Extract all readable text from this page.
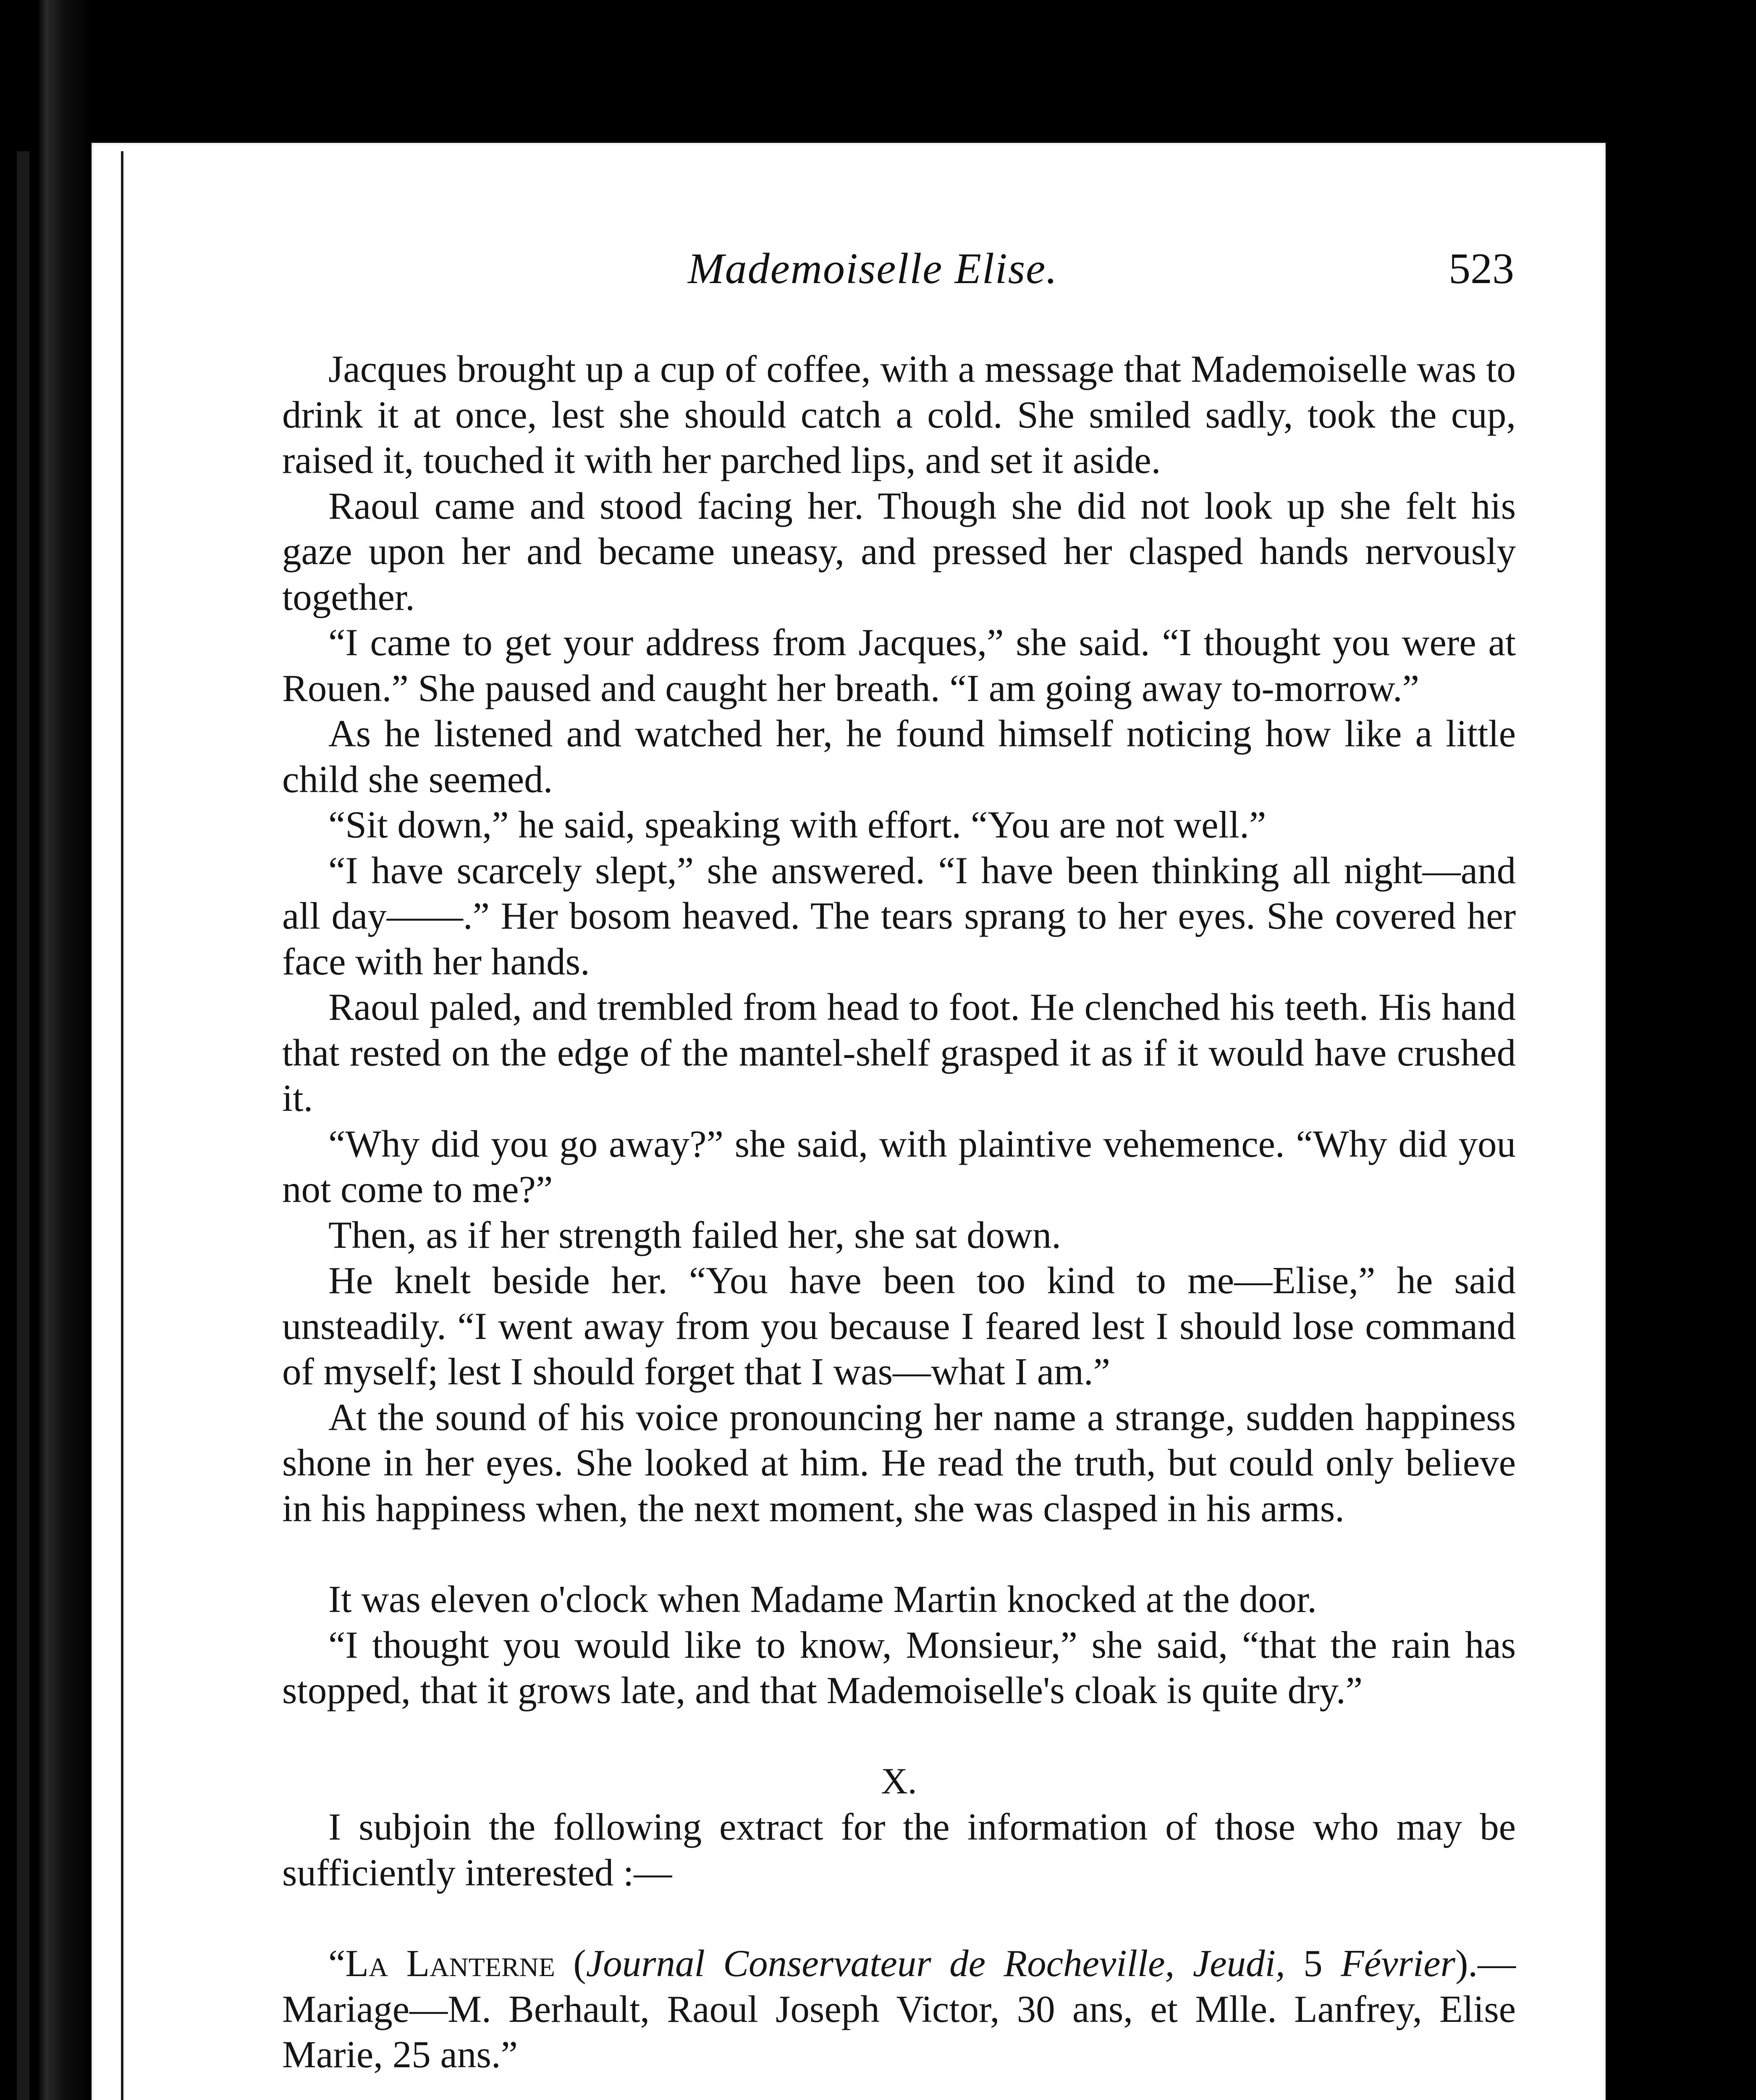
Mademoiselle Elise.	523

Jacques brought up a cup of coffee, with a message that Mademoiselle was to drink it at once, lest she should catch a cold. She smiled sadly, took the cup, raised it, touched it with her parched lips, and set it aside.

Raoul came and stood facing her. Though she did not look up she felt his gaze upon her and became uneasy, and pressed her clasped hands nervously together.

“I came to get your address from Jacques,” she said. “I thought you were at Rouen.” She paused and caught her breath. “I am going away to-morrow.”

As he listened and watched her, he found himself noticing how like a little child she seemed.

“Sit down,” he said, speaking with effort. “You are not well.”

“I have scarcely slept,” she answered. “I have been thinking all night—and all day——.” Her bosom heaved. The tears sprang to her eyes. She covered her face with her hands.

Raoul paled, and trembled from head to foot. He clenched his teeth. His hand that rested on the edge of the mantel-shelf grasped it as if it would have crushed it.

“Why did you go away?” she said, with plaintive vehemence. “Why did you not come to me?”

Then, as if her strength failed her, she sat down.

He knelt beside her. “You have been too kind to me—Elise,” he said unsteadily. “I went away from you because I feared lest I should lose command of myself; lest I should forget that I was—what I am.”

At the sound of his voice pronouncing her name a strange, sudden happiness shone in her eyes. She looked at him. He read the truth, but could only believe in his happiness when, the next moment, she was clasped in his arms.

It was eleven o'clock when Madame Martin knocked at the door.

“I thought you would like to know, Monsieur,” she said, “that the rain has stopped, that it grows late, and that Mademoiselle's cloak is quite dry.”

X.

I subjoin the following extract for the information of those who may be sufficiently interested :—

“La Lanterne (Journal Conservateur de Rocheville, Jeudi, 5 Février).—Mariage—M. Berhault, Raoul Joseph Victor, 30 ans, et Mlle. Lanfrey, Elise Marie, 25 ans.”
